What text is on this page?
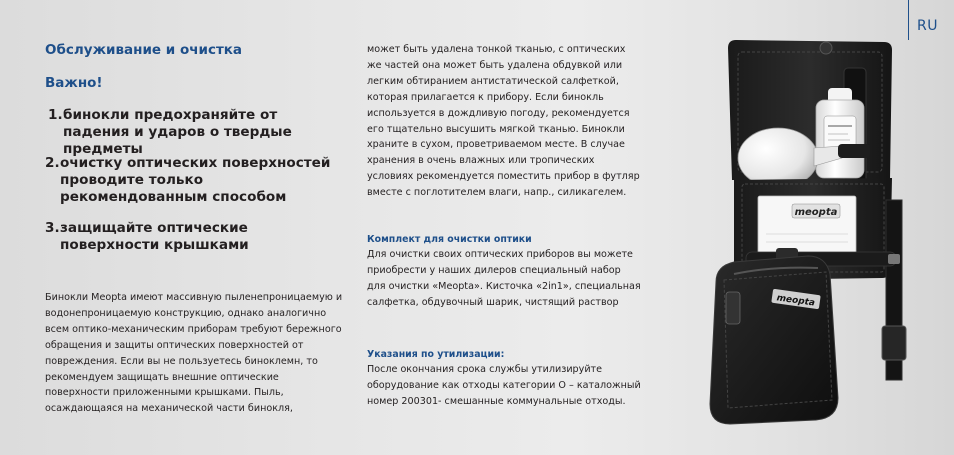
RU
Обслуживание и очистка
Важно!
1. бинокли предохраняйте от падения и ударов о твердые предметы
2. очистку оптических поверхностей проводите только рекомендованным способом
3. защищайте оптические поверхности крышками

Бинокли Meopta имеют массивную пыленепроницаемую и водонепроницаемую конструкцию, однако аналогично всем оптико-механическим приборам требуют бережного обращения и защиты оптических поверхностей от повреждения. Если вы не пользуетесь биноклемн, то рекомендуем защищать внешние оптические поверхности приложенными крышками. Пыль, осаждающаяся на механической части бинокля,

может быть удалена тонкой тканью, с оптических же частей она может быть удалена обдувкой или легким обтиранием антистатической салфеткой, которая прилагается к прибору. Если бинокль используется в дождливую погоду, рекомендуется его тщательно высушить мягкой тканью. Бинокли храните в сухом, проветриваемом месте. В случае хранения в очень влажных или тропических условиях рекомендуется поместить прибор в футляр вместе с поглотителем влаги, напр., силикагелем.

Комплект для очистки оптики

Для очистки своих оптических приборов вы можете приобрести у наших дилеров специальный набор для очистки «Meopta». Кисточка «2in1», специальная салфетка, обдувочный шарик, чистящий раствор

Указания по утилизации:

После окончания срока службы утилизируйте оборудование как отходы категории O – каталожный номер 200301- смешанные коммунальные отходы.

meopta
meopta
